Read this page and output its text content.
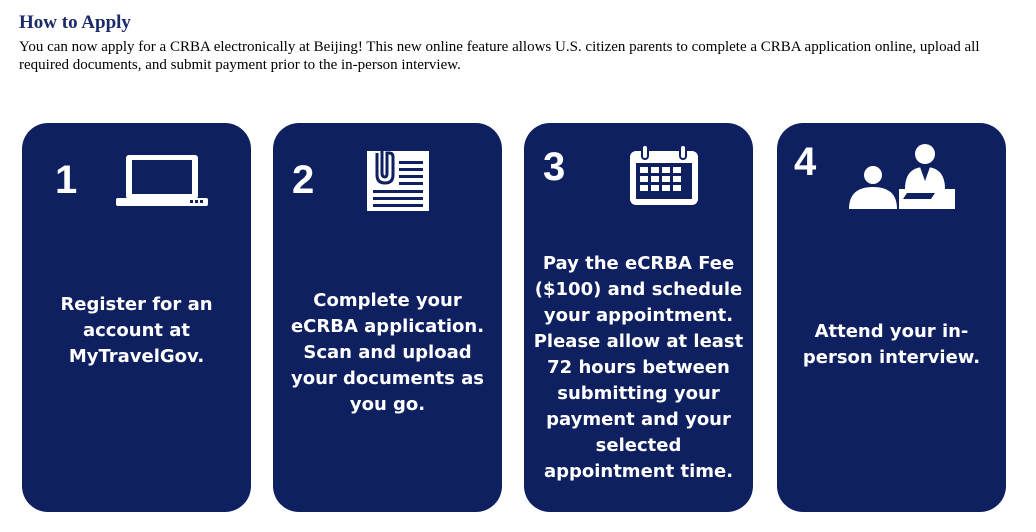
How to Apply

You can now apply for a CRBA electronically at Beijing! This new online feature allows U.S. citizen parents to complete a CRBA application online, upload all required documents, and submit payment prior to the in-person interview.

1
Register for an account at MyTravelGov.
2
Complete your eCRBA application. Scan and upload your documents as you go.
3
Pay the eCRBA Fee ($100) and schedule your appointment. Please allow at least 72 hours between submitting your payment and your selected appointment time.
4
Attend your in-person interview.
